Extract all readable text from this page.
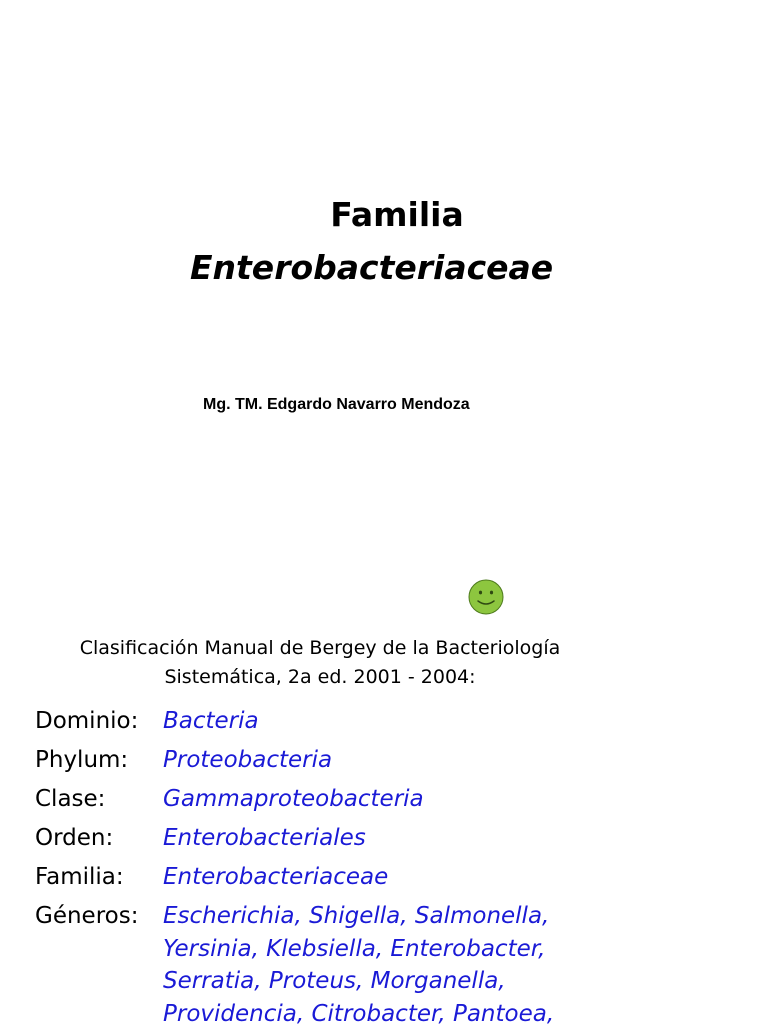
Familia
Enterobacteriaceae
Mg. TM. Edgardo Navarro Mendoza
Clasificación Manual de Bergey de la Bacteriología
Sistemática, 2a ed. 2001 - 2004:
Dominio: Bacteria
Phylum: Proteobacteria
Clase:	Gammaproteobacteria
Orden: Enterobacteriales
Familia: Enterobacteriaceae
Géneros: Escherichia, Shigella, Salmonella,
Yersinia, Klebsiella, Enterobacter,
Serratia, Proteus, Morganella,
Providencia, Citrobacter, Pantoea,
